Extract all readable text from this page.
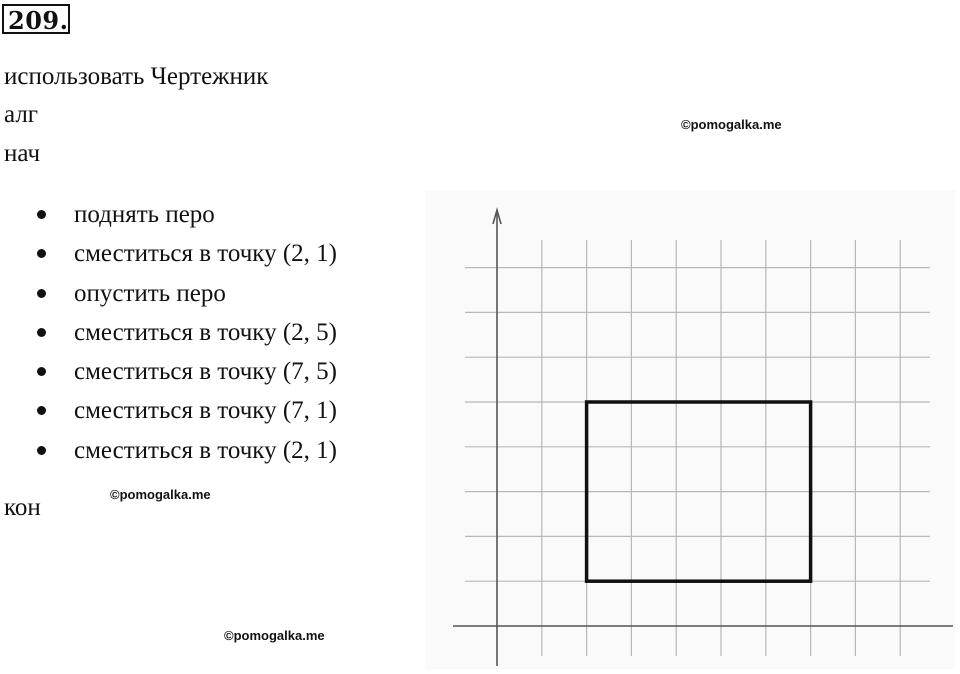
209.
использовать Чертежник
алг
нач
поднять перо
сместиться в точку (2, 1)
опустить перо
сместиться в точку (2, 5)
сместиться в точку (7, 5)
сместиться в точку (7, 1)
сместиться в точку (2, 1)
кон
©pomogalka.me
©pomogalka.me
©pomogalka.me
